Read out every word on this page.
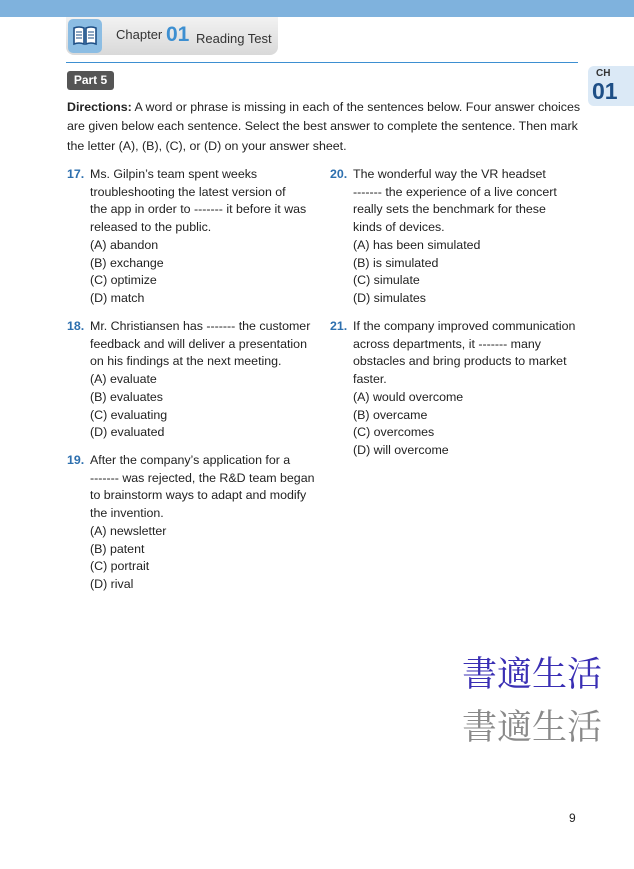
Chapter 01 Reading Test
CH
01
Part 5
Directions: A word or phrase is missing in each of the sentences below. Four answer choices
are given below each sentence. Select the best answer to complete the sentence. Then mark
the letter (A), (B), (C), or (D) on your answer sheet.
17. Ms. Gilpin’s team spent weeks
troubleshooting the latest version of
the app in order to ------- it before it was
released to the public.
(A) abandon
(B) exchange
(C) optimize
(D) match
18. Mr. Christiansen has ------- the customer
feedback and will deliver a presentation
on his findings at the next meeting.
(A) evaluate
(B) evaluates
(C) evaluating
(D) evaluated
19. After the company’s application for a
------- was rejected, the R&D team began
to brainstorm ways to adapt and modify
the invention.
(A) newsletter
(B) patent
(C) portrait
(D) rival
20. The wonderful way the VR headset
------- the experience of a live concert
really sets the benchmark for these
kinds of devices.
(A) has been simulated
(B) is simulated
(C) simulate
(D) simulates
21. If the company improved communication
across departments, it ------- many
obstacles and bring products to market
faster.
(A) would overcome
(B) overcame
(C) overcomes
(D) will overcome
書適生活
書適生活
9
